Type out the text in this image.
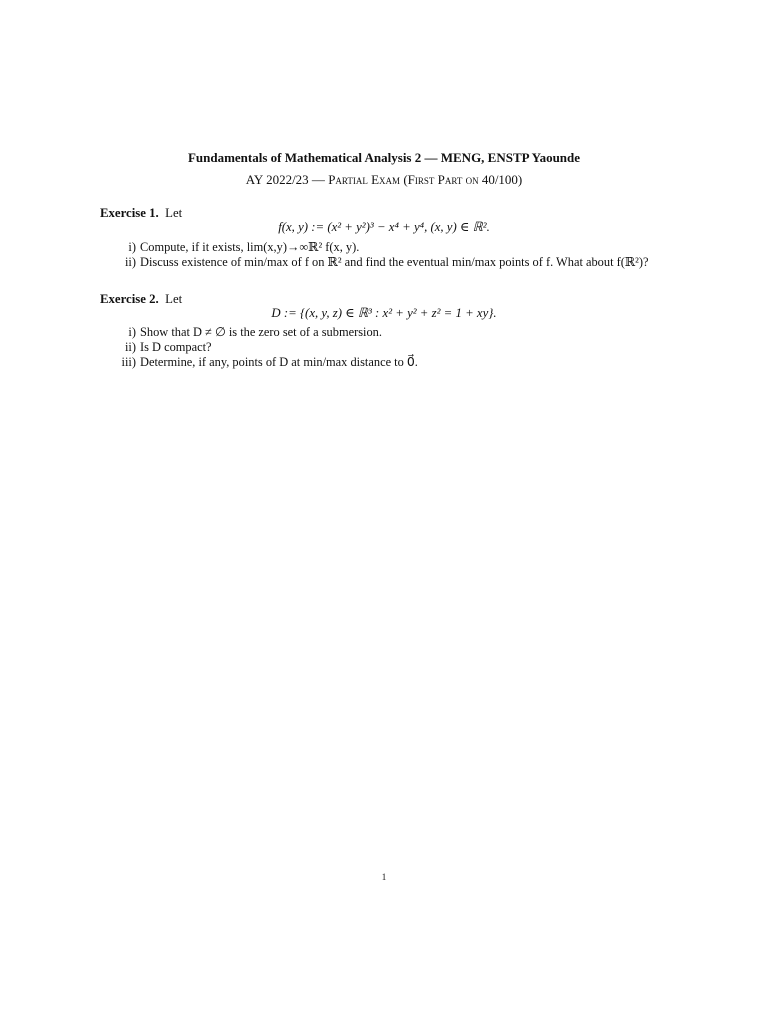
Fundamentals of Mathematical Analysis 2 — MENG, ENSTP Yaounde
AY 2022/23 — Partial Exam (First Part on 40/100)
Exercise 1. Let
f(x, y) := (x² + y²)³ − x⁴ + y⁴, (x, y) ∈ ℝ².
i) Compute, if it exists, lim(x,y)→∞ℝ² f(x, y).
ii) Discuss existence of min/max of f on ℝ² and find the eventual min/max points of f. What about f(ℝ²)?
Exercise 2. Let
D := {(x, y, z) ∈ ℝ³ : x² + y² + z² = 1 + xy}.
i) Show that D ≠ ∅ is the zero set of a submersion.
ii) Is D compact?
iii) Determine, if any, points of D at min/max distance to 0⃗.
1
